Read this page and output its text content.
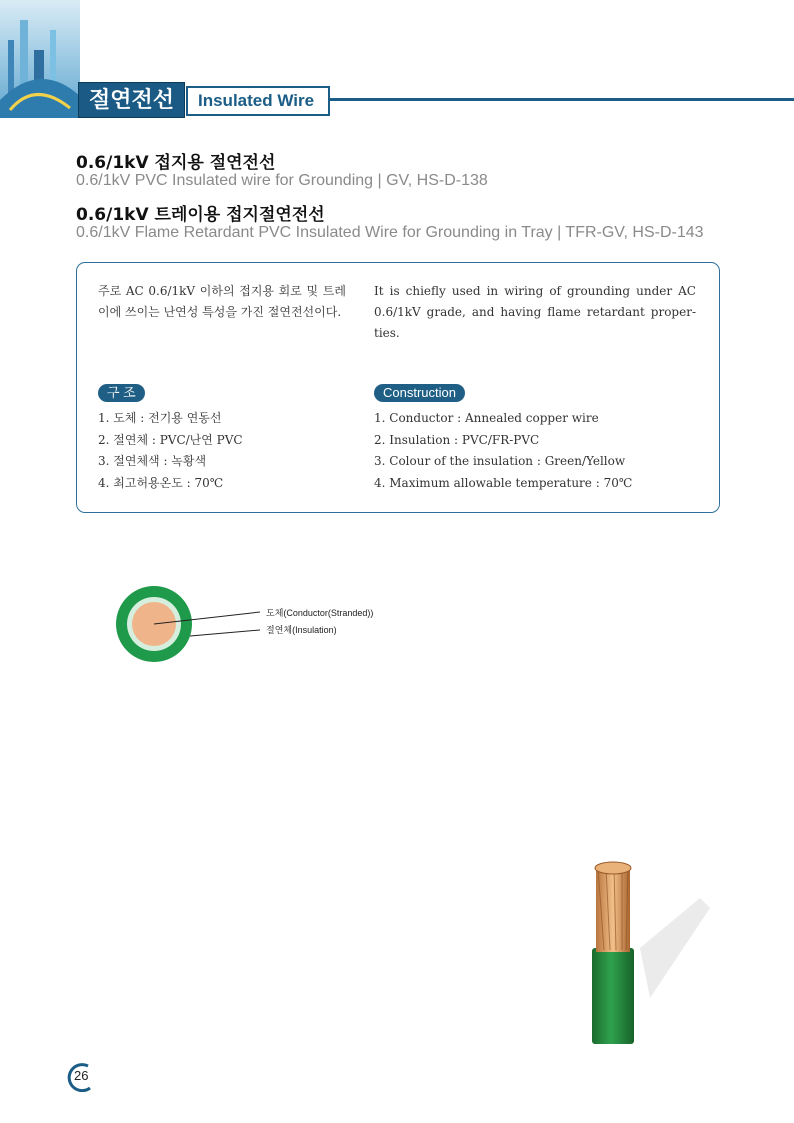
절연전선	Insulated Wire
0.6/1kV 접지용 절연전선
0.6/1kV PVC Insulated wire for Grounding | GV, HS-D-138
0.6/1kV 트레이용 접지절연전선
0.6/1kV Flame Retardant PVC Insulated Wire for Grounding in Tray | TFR-GV, HS-D-143
주로 AC 0.6/1kV 이하의 접지용 회로 및 트레이에 쓰이는 난연성 특성을 가진 절연전선이다.
It is chiefly used in wiring of grounding under AC 0.6/1kV grade, and having flame retardant proper-ties.
구 조	Construction
1. 도체 : 전기용 연동선
2. 절연체 : PVC/난연 PVC
3. 절연체색 : 녹황색
4. 최고허용온도 : 70℃
1. Conductor : Annealed copper wire
2. Insulation : PVC/FR-PVC
3. Colour of the insulation : Green/Yellow
4. Maximum allowable temperature : 70℃
도체(Conductor(Stranded))
절연체(Insulation)
26
